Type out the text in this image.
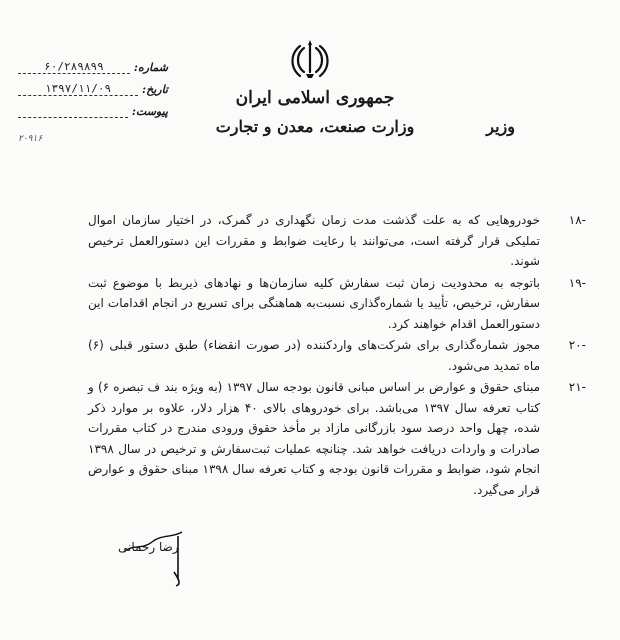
جمهوری اسلامی ایران
وزارت صنعت، معدن و تجارت	وزیر
شماره:
۶۰/۲۸۹۸۹۹
تاریخ:
۱۳۹۷/۱۱/۰۹
پیوست:
۲۰۹۱۶
۱۸-
خودروهایی که به علت گذشت مدت زمان نگهداری در گمرک، در اختیار سازمان اموال تملیکی قرار گرفته است، می‌توانند با رعایت ضوابط و مقررات این دستورالعمل ترخیص شوند.
۱۹-
باتوجه به محدودیت زمان ثبت سفارش کلیه سازمان‌ها و نهادهای ذیربط با موضوع ثبت سفارش، ترخیص، تأیید یا شماره‌گذاری نسبت‌به هماهنگی برای تسریع در انجام اقدامات این دستورالعمل اقدام خواهند کرد.
۲۰-
مجوز شماره‌گذاری برای شرکت‌های واردکننده (در صورت انقضاء) طبق دستور قبلی (۶) ماه تمدید می‌شود.
۲۱-
مبنای حقوق و عوارض بر اساس مبانی قانون بودجه سال ۱۳۹۷ (به ویژه بند ف تبصره ۶) و کتاب تعرفه سال ۱۳۹۷ می‌باشد. برای خودروهای بالای ۴۰ هزار دلار، علاوه بر موارد ذکر شده، چهل واحد درصد سود بازرگانی مازاد بر مأخذ حقوق ورودی مندرج در کتاب مقررات صادرات و واردات دریافت خواهد شد. چنانچه عملیات ثبت‌سفارش و ترخیص در سال ۱۳۹۸ انجام شود، ضوابط و مقررات قانون بودجه و کتاب تعرفه سال ۱۳۹۸ مبنای حقوق و عوارض قرار می‌گیرد.
رضا رحمانی
